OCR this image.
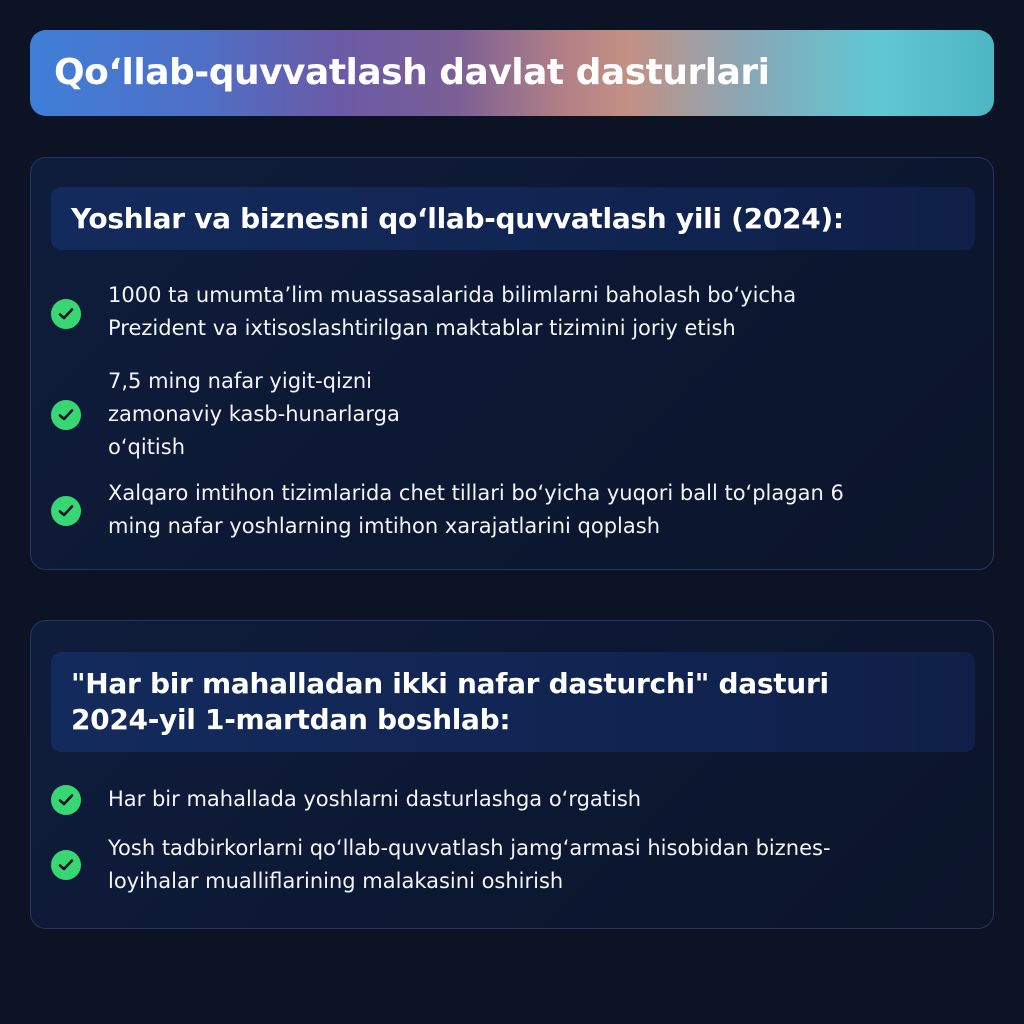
Qo‘llab-quvvatlash davlat dasturlari
Yoshlar va biznesni qo‘llab-quvvatlash yili (2024):
1000 ta umumta’lim muassasalarida bilimlarni baholash bo‘yicha
Prezident va ixtisoslashtirilgan maktablar tizimini joriy etish
7,5 ming nafar yigit-qizni
zamonaviy kasb-hunarlarga
o‘qitish
Xalqaro imtihon tizimlarida chet tillari bo‘yicha yuqori ball to‘plagan 6
ming nafar yoshlarning imtihon xarajatlarini qoplash
"Har bir mahalladan ikki nafar dasturchi" dasturi
2024-yil 1-martdan boshlab:
Har bir mahallada yoshlarni dasturlashga o‘rgatish
Yosh tadbirkorlarni qo‘llab-quvvatlash jamg‘armasi hisobidan biznes-
loyihalar mualliflarining malakasini oshirish
